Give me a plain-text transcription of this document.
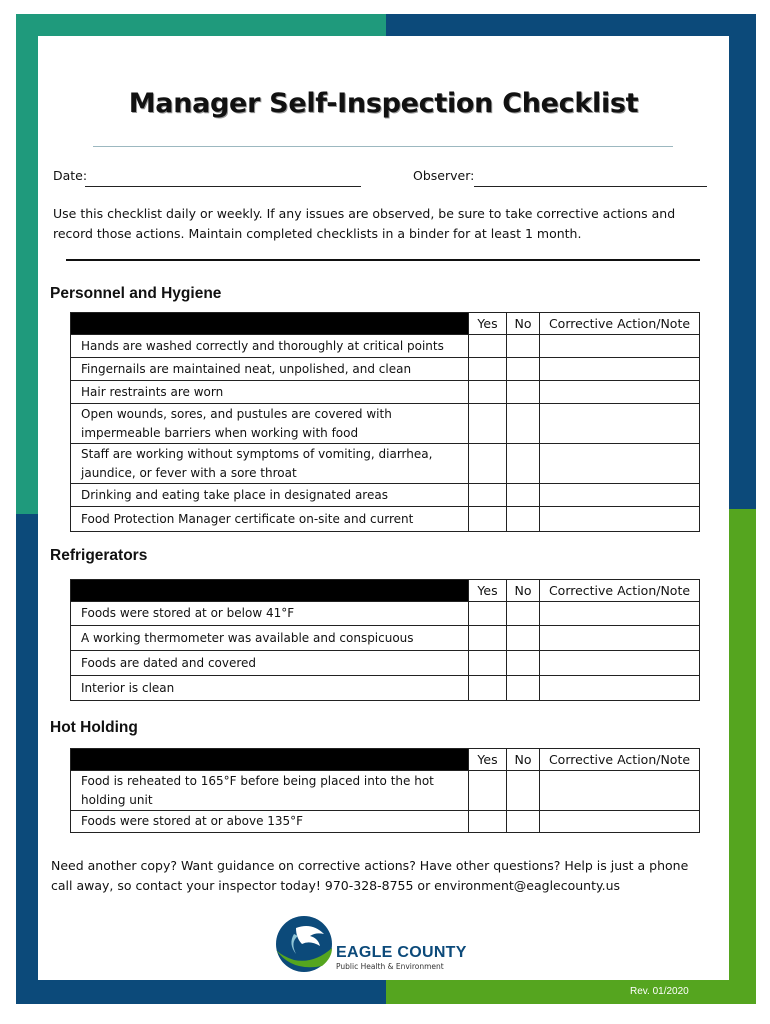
Manager Self-Inspection Checklist
Date:	Observer:
Use this checklist daily or weekly. If any issues are observed, be sure to take corrective actions and record those actions. Maintain completed checklists in a binder for at least 1 month.
Personnel and Hygiene
	Yes	No	Corrective Action/Note
Hands are washed correctly and thoroughly at critical points			
Fingernails are maintained neat, unpolished, and clean			
Hair restraints are worn			
Open wounds, sores, and pustules are covered with impermeable barriers when working with food			
Staff are working without symptoms of vomiting, diarrhea, jaundice, or fever with a sore throat			
Drinking and eating take place in designated areas			
Food Protection Manager certificate on-site and current			
Refrigerators
	Yes	No	Corrective Action/Note
Foods were stored at or below 41°F			
A working thermometer was available and conspicuous			
Foods are dated and covered			
Interior is clean			
Hot Holding
	Yes	No	Corrective Action/Note
Food is reheated to 165°F before being placed into the hot holding unit			
Foods were stored at or above 135°F			
Need another copy? Want guidance on corrective actions? Have other questions? Help is just a phone call away, so contact your inspector today! 970-328-8755 or environment@eaglecounty.us
EAGLE COUNTY
Public Health & Environment
Rev. 01/2020
